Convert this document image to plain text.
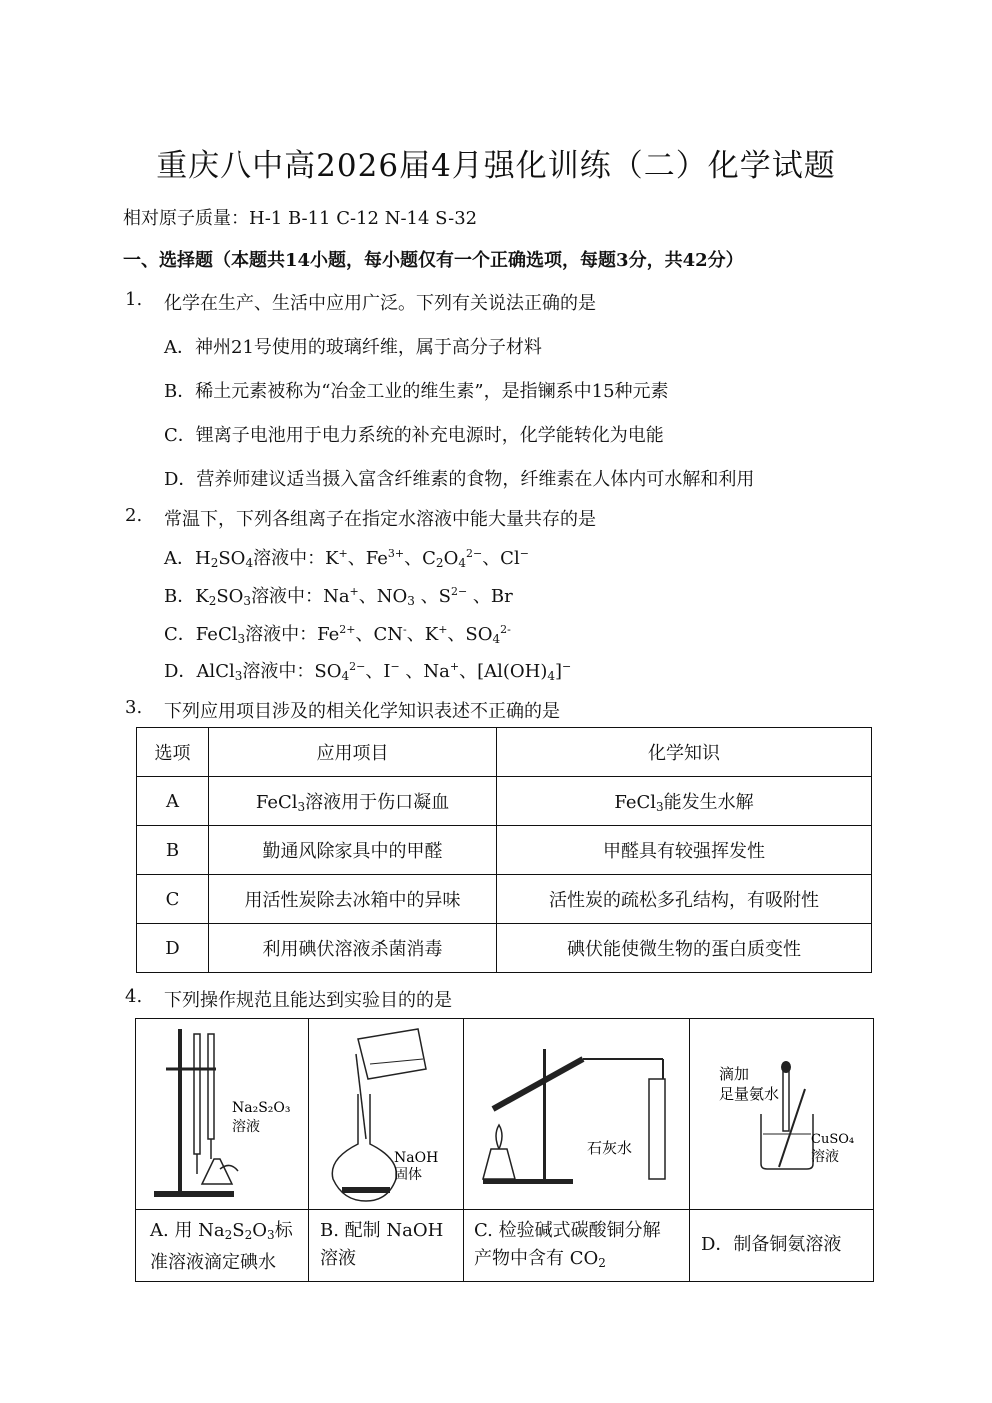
重庆八中高2026届4月强化训练（二）化学试题
相对原子质量：H-1 B-11 C-12 N-14 S-32
一、选择题（本题共14小题，每小题仅有一个正确选项，每题3分，共42分）
1. 化学在生产、生活中应用广泛。下列有关说法正确的是
A．神州21号使用的玻璃纤维，属于高分子材料
B．稀土元素被称为“冶金工业的维生素”，是指镧系中15种元素
C．锂离子电池用于电力系统的补充电源时，化学能转化为电能
D．营养师建议适当摄入富含纤维素的食物，纤维素在人体内可水解和利用
2. 常温下，下列各组离子在指定水溶液中能大量共存的是
A．$H_2SO_4$溶液中：K+、$Fe^{3+}$、$C_2O_4^{2-}$、Cl−
B．$K_2SO_3$溶液中：Na+、$NO_3$ 、$S^{2-}$ 、Br
C．FeCl$_3$溶液中：$Fe^{2+}$、CN-、K+、$SO_4^{2-}$
D．AlCl$_3$溶液中：$SO_4^{2-}$、I− 、Na+、$[Al(OH)_4]^-$
3. 下列应用项目涉及的相关化学知识表述不正确的是
选项	应用项目	化学知识
A	FeCl$_3$溶液用于伤口凝血	FeCl$_3$能发生水解
B	勤通风除家具中的甲醛	甲醛具有较强挥发性
C	用活性炭除去冰箱中的异味	活性炭的疏松多孔结构，有吸附性
D	利用碘伏溶液杀菌消毒	碘伏能使微生物的蛋白质变性
4. 下列操作规范且能达到实验目的的是
Na₂S₂O₃
溶液
NaOH
固体
石灰水
滴加
足量氨水
CuSO₄
溶液
A. 用 $Na_2S_2O_3$标
准溶液滴定碘水
B. 配制 NaOH
溶液
C. 检验碱式碳酸铜分解
产物中含有 $CO_2$
D．制备铜氨溶液
